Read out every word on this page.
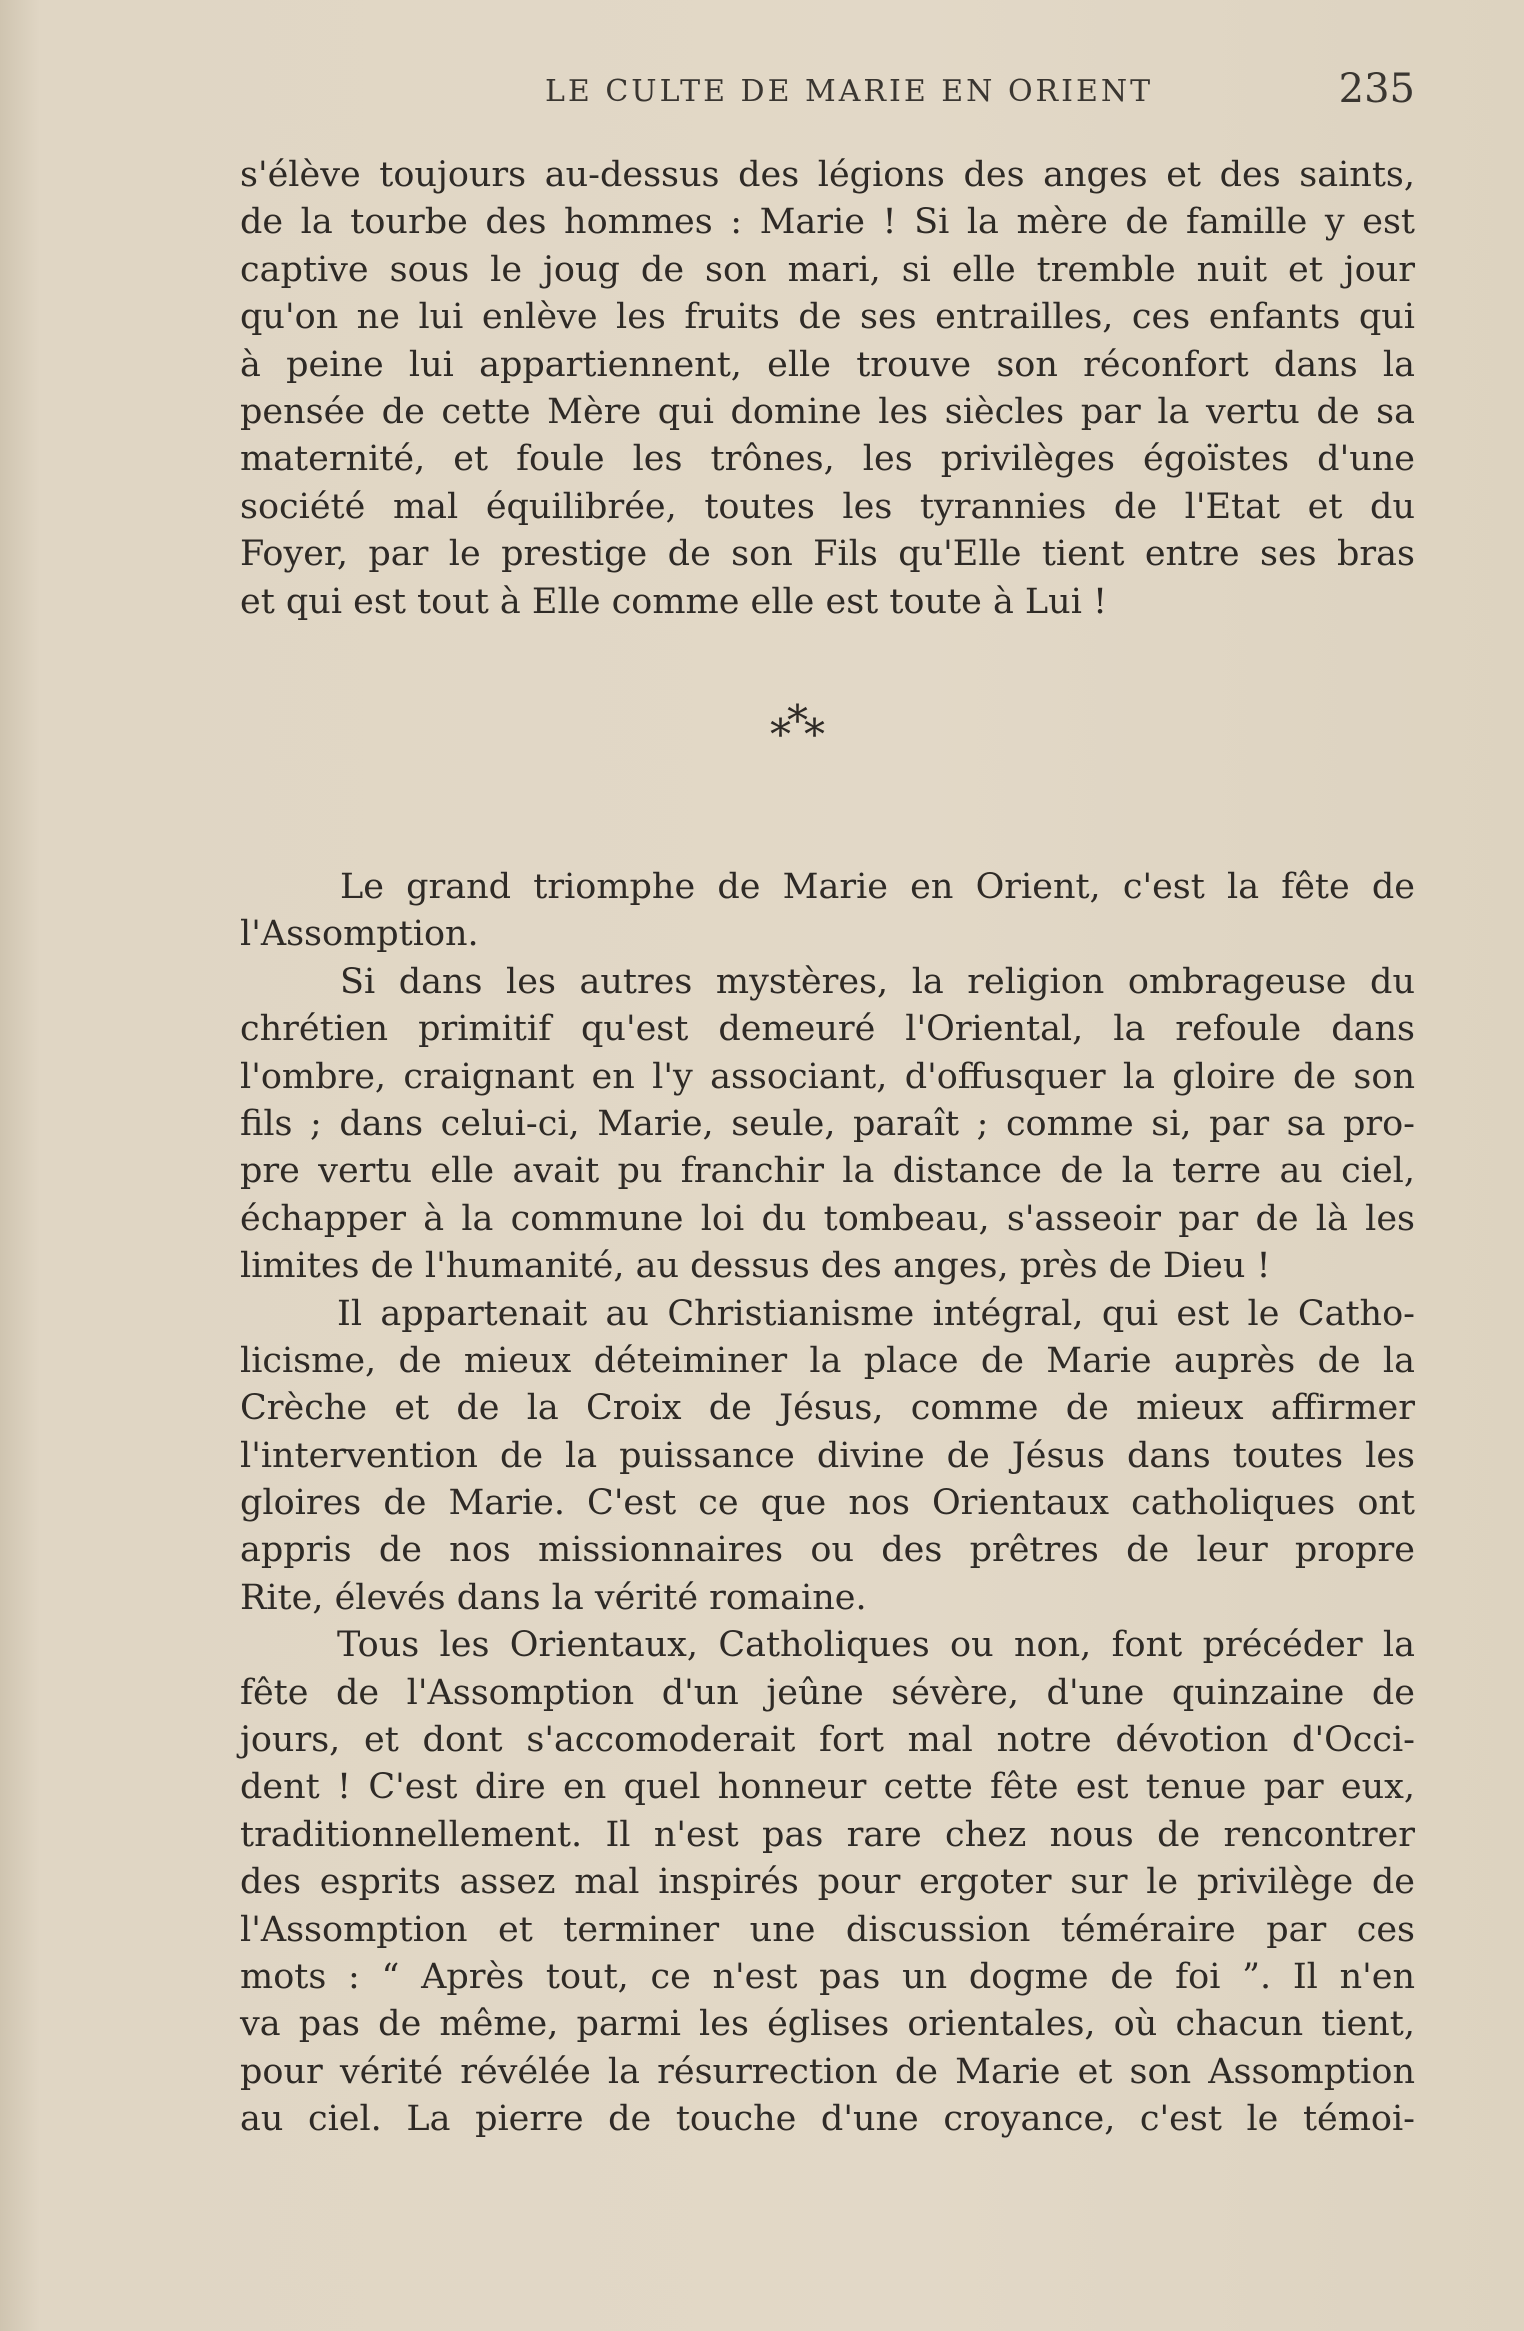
LE CULTE DE MARIE EN ORIENT	235
s'élève toujours au-dessus des légions des anges et des saints,
de la tourbe des hommes : Marie ! Si la mère de famille y est
captive sous le joug de son mari, si elle tremble nuit et jour
qu'on ne lui enlève les fruits de ses entrailles, ces enfants qui
à peine lui appartiennent, elle trouve son réconfort dans la
pensée de cette Mère qui domine les siècles par la vertu de sa
maternité, et foule les trônes, les privilèges égoïstes d'une
société mal équilibrée, toutes les tyrannies de l'Etat et du
Foyer, par le prestige de son Fils qu'Elle tient entre ses bras
et qui est tout à Elle comme elle est toute à Lui !
***
Le grand triomphe de Marie en Orient, c'est la fête de
l'Assomption.
Si dans les autres mystères, la religion ombrageuse du
chrétien primitif qu'est demeuré l'Oriental, la refoule dans
l'ombre, craignant en l'y associant, d'offusquer la gloire de son
fils ; dans celui-ci, Marie, seule, paraît ; comme si, par sa pro-
pre vertu elle avait pu franchir la distance de la terre au ciel,
échapper à la commune loi du tombeau, s'asseoir par de là les
limites de l'humanité, au dessus des anges, près de Dieu !
Il appartenait au Christianisme intégral, qui est le Catho-
licisme, de mieux déteiminer la place de Marie auprès de la
Crèche et de la Croix de Jésus, comme de mieux affirmer
l'intervention de la puissance divine de Jésus dans toutes les
gloires de Marie. C'est ce que nos Orientaux catholiques ont
appris de nos missionnaires ou des prêtres de leur propre
Rite, élevés dans la vérité romaine.
Tous les Orientaux, Catholiques ou non, font précéder la
fête de l'Assomption d'un jeûne sévère, d'une quinzaine de
jours, et dont s'accomoderait fort mal notre dévotion d'Occi-
dent ! C'est dire en quel honneur cette fête est tenue par eux,
traditionnellement. Il n'est pas rare chez nous de rencontrer
des esprits assez mal inspirés pour ergoter sur le privilège de
l'Assomption et terminer une discussion téméraire par ces
mots : “ Après tout, ce n'est pas un dogme de foi ”. Il n'en
va pas de même, parmi les églises orientales, où chacun tient,
pour vérité révélée la résurrection de Marie et son Assomption
au ciel. La pierre de touche d'une croyance, c'est le témoi-
